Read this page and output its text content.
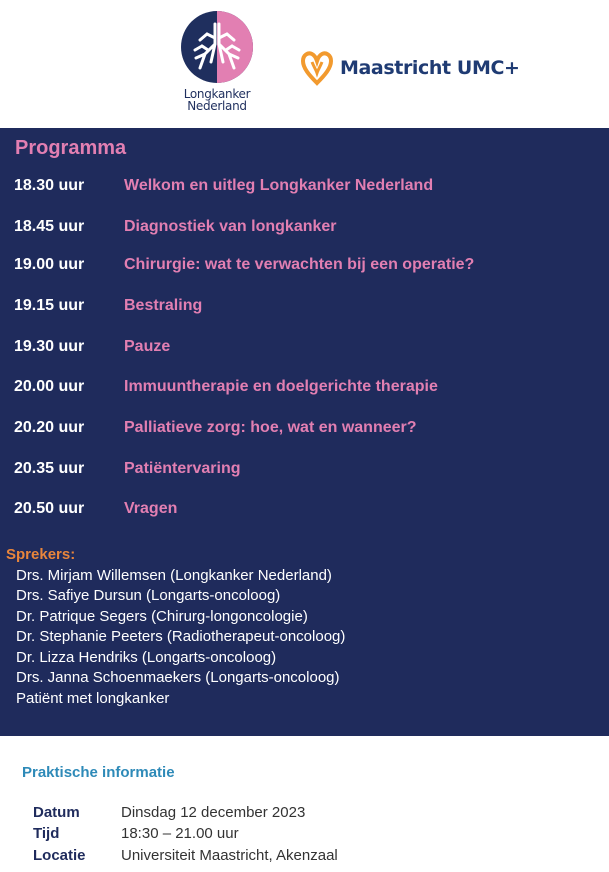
Longkanker
Nederland
Maastricht UMC+
Programma
18.30 uur Welkom en uitleg Longkanker Nederland
18.45 uur Diagnostiek van longkanker
19.00 uur Chirurgie: wat te verwachten bij een operatie?
19.15 uur Bestraling
19.30 uur Pauze
20.00 uur Immuuntherapie en doelgerichte therapie
20.20 uur Palliatieve zorg: hoe, wat en wanneer?
20.35 uur Patiëntervaring
20.50 uur Vragen
Sprekers:
Drs. Mirjam Willemsen (Longkanker Nederland)
Drs. Safiye Dursun (Longarts-oncoloog)
Dr. Patrique Segers (Chirurg-longoncologie)
Dr. Stephanie Peeters (Radiotherapeut-oncoloog)
Dr. Lizza Hendriks (Longarts-oncoloog)
Drs. Janna Schoenmaekers (Longarts-oncoloog)
Patiënt met longkanker
Praktische informatie
Datum	Dinsdag 12 december 2023
Tijd	18:30 – 21.00 uur
Locatie Universiteit Maastricht, Akenzaal
